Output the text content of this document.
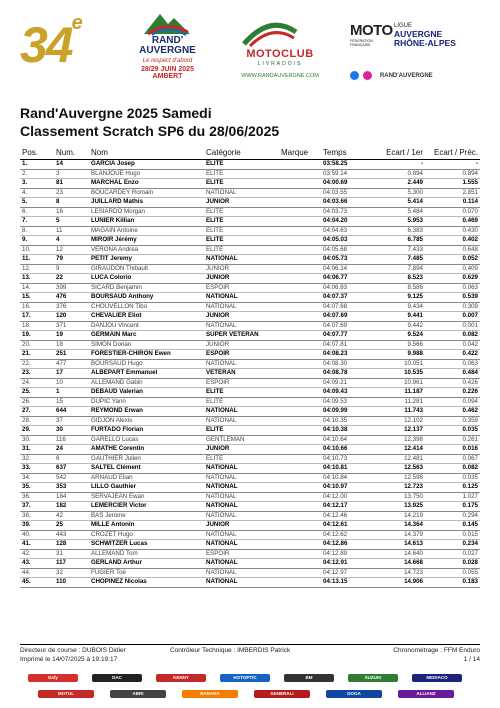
34e
RAND'
AUVERGNE
Le respect d'abord
28/29 JUIN 2025
AMBERT
MOTOCLUB
LIVRADOIS
WWW.RANDAUVERGNE.COM
MOTO
FÉDÉRATION FRANÇAISE
LIGUE
AUVERGNE
RHÔNE-ALPES
RAND'AUVERGNE
Rand'Auvergne 2025 Samedi
Classement Scratch SP6 du 28/06/2025
Pos.	Num.	Nom	Catégorie	Marque	Temps	Ecart / 1er	Ecart / Préc.
1.	14	GARCIA Josep	ELITE		03:58.25	-	-
2.	3	BLANJOUE Hugo	ELITE		03:59.14	0.894	0.894
3.	81	MARCHAL Enzo	ELITE		04:00.69	2.449	1.555
4.	23	BOUCARDEY Romain	NATIONAL		04:03.55	5.300	2.851
5.	8	JUILLARD Mathis	JUNIOR		04:03.66	5.414	0.114
6.	16	LESIARDO Morgan	ELITE		04:03.73	5.484	0.070
7.	5	LUNIER Killian	ELITE		04:04.20	5.953	0.469
8.	11	MAGAIN Antoine	ELITE		04:04.63	6.383	0.430
9.	4	MIROIR Jérémy	ELITE		04:05.03	6.785	0.402
10.	12	VERONA Andrea	ELITE		04:05.68	7.433	0.648
11.	79	PETIT Jeremy	NATIONAL		04:05.73	7.485	0.052
12.	9	GIRAUDON Thibault	JUNIOR		04:06.14	7.894	0.409
13.	22	LUCA Colorio	JUNIOR		04:06.77	8.523	0.629
14.	399	SICARD Benjamin	ESPOIR		04:06.83	8.586	0.063
15.	476	BOURSAUD Anthony	NATIONAL		04:07.37	9.125	0.539
16.	376	CHOUVELLON Tibo	NATIONAL		04:07.68	9.434	0.309
17.	120	CHEVALIER Eliot	JUNIOR		04:07.69	9.441	0.007
18.	371	DANJOU Vincent	NATIONAL		04:07.69	9.442	0.001
19.	19	GERMAIN Marc	SUPER VETERAN		04:07.77	9.524	0.082
20.	18	SIMON Dorian	JUNIOR		04:07.81	9.566	0.042
21.	251	FORESTIER-CHIRON Ewen	ESPOIR		04:08.23	9.988	0.422
22.	477	BOURSAUD Hugo	NATIONAL		04:08.30	10.051	0.063
23.	17	ALBEPART Emmanuel	VETERAN		04:08.78	10.535	0.484
24.	10	ALLEMAND Gabin	ESPOIR		04:09.21	10.961	0.426
25.	1	DEBAUD Valerian	ELITE		04:09.43	11.187	0.226
26.	15	DUPIC Yann	ELITE		04:09.53	11.281	0.094
27.	644	REYMOND Erwan	NATIONAL		04:09.99	11.743	0.462
28.	37	GIDJON Alexis	NATIONAL		04:10.35	12.102	0.359
29.	30	FURTADO Florian	ELITE		04:10.38	12.137	0.035
30.	116	GARELLO Lucas	GENTLEMAN		04:10.64	12.398	0.261
31.	24	AMATHE Corentin	JUNIOR		04:10.66	12.414	0.016
32.	6	GAUTHIER Julien	ELITE		04:10.73	12.481	0.067
33.	637	SALTEL Clément	NATIONAL		04:10.81	12.563	0.082
34.	542	ARNAUD Elian	NATIONAL		04:10.84	12.598	0.035
35.	353	LILLO Gauthier	NATIONAL		04:10.97	12.723	0.125
36.	184	SERVAJEAN Ewan	NATIONAL		04:12.00	13.750	1.027
37.	182	LEMERCIER Victor	NATIONAL		04:12.17	13.925	0.175
38.	42	BAS Jerome	NATIONAL		04:12.46	14.219	0.294
39.	25	MILLE Antonin	JUNIOR		04:12.61	14.364	0.145
40.	443	CROZET Hugo	NATIONAL		04:12.62	14.379	0.015
41.	128	SCHWITZER Lucas	NATIONAL		04:12.86	14.613	0.234
42.	31	ALLEMAND Tom	ESPOIR		04:12.89	14.640	0.027
43.	117	GERLAND Arthur	NATIONAL		04:12.91	14.668	0.028
44.	32	FUGIER Toé	NATIONAL		04:12.97	14.723	0.055
45.	110	CHOPINEZ Nicolas	NATIONAL		04:13.15	14.906	0.183
Directeur de course : DUBOIS Didier	Contrôleur Technique : IMBERDIS Patrick	Chronométrage : FFM Enduro
Imprimé le 14/07/2025 à 19:19:17	1 / 14
Dafy	DAC	KENNY	HOTOPTIC	BM	SUZUKI	MEDIACO
MOTUL	ABRI	BANANA	GENERALI	DOGA	ALLIANZ
